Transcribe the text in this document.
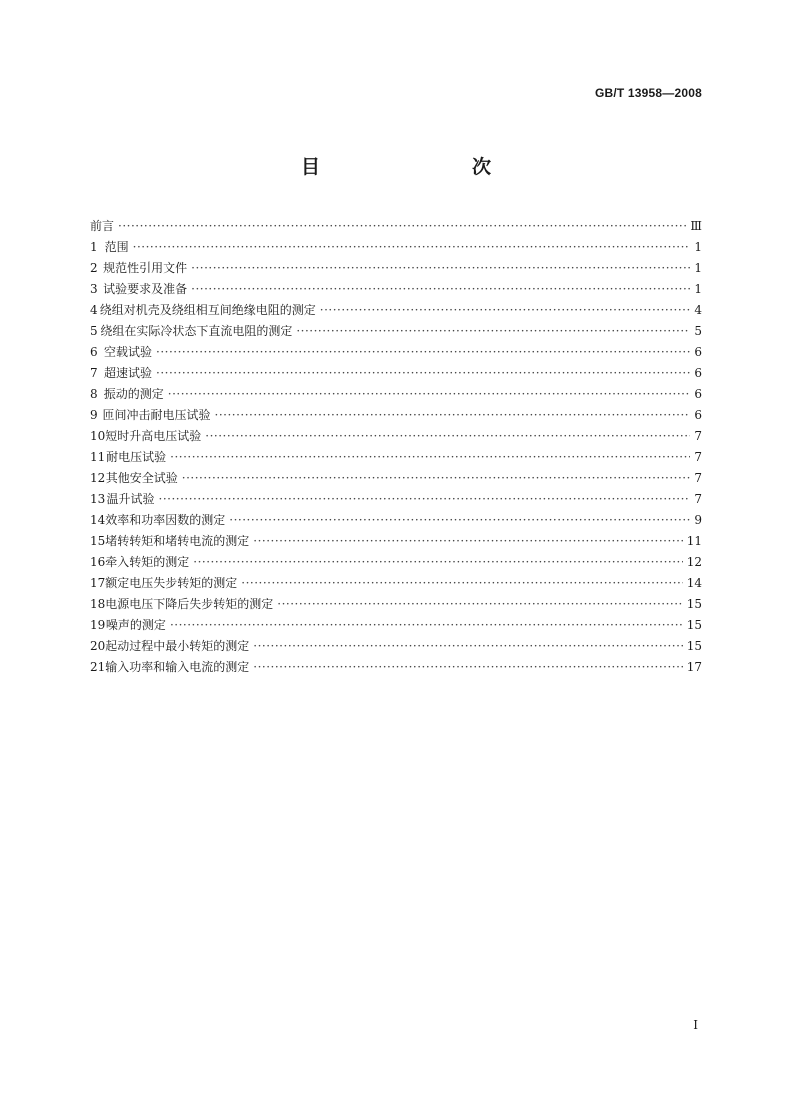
GB/T 13958—2008
目　　次
前言 ·····	Ⅲ
1 范围 ·····	1
2 规范性引用文件 ·····	1
3 试验要求及准备 ·····	1
4 绕组对机壳及绕组相互间绝缘电阻的测定 ·····	4
5 绕组在实际冷状态下直流电阻的测定 ·····	5
6 空载试验 ·····	6
7 超速试验 ·····	6
8 振动的测定 ·····	6
9 匝间冲击耐电压试验 ·····	6
10 短时升高电压试验 ·····	7
11 耐电压试验 ·····	7
12 其他安全试验 ·····	7
13 温升试验 ·····	7
14 效率和功率因数的测定 ·····	9
15 堵转转矩和堵转电流的测定 ·····	11
16 牵入转矩的测定 ·····	12
17 额定电压失步转矩的测定 ·····	14
18 电源电压下降后失步转矩的测定 ·····	15
19 噪声的测定 ·····	15
20 起动过程中最小转矩的测定 ·····	15
21 输入功率和输入电流的测定 ·····	17
I
